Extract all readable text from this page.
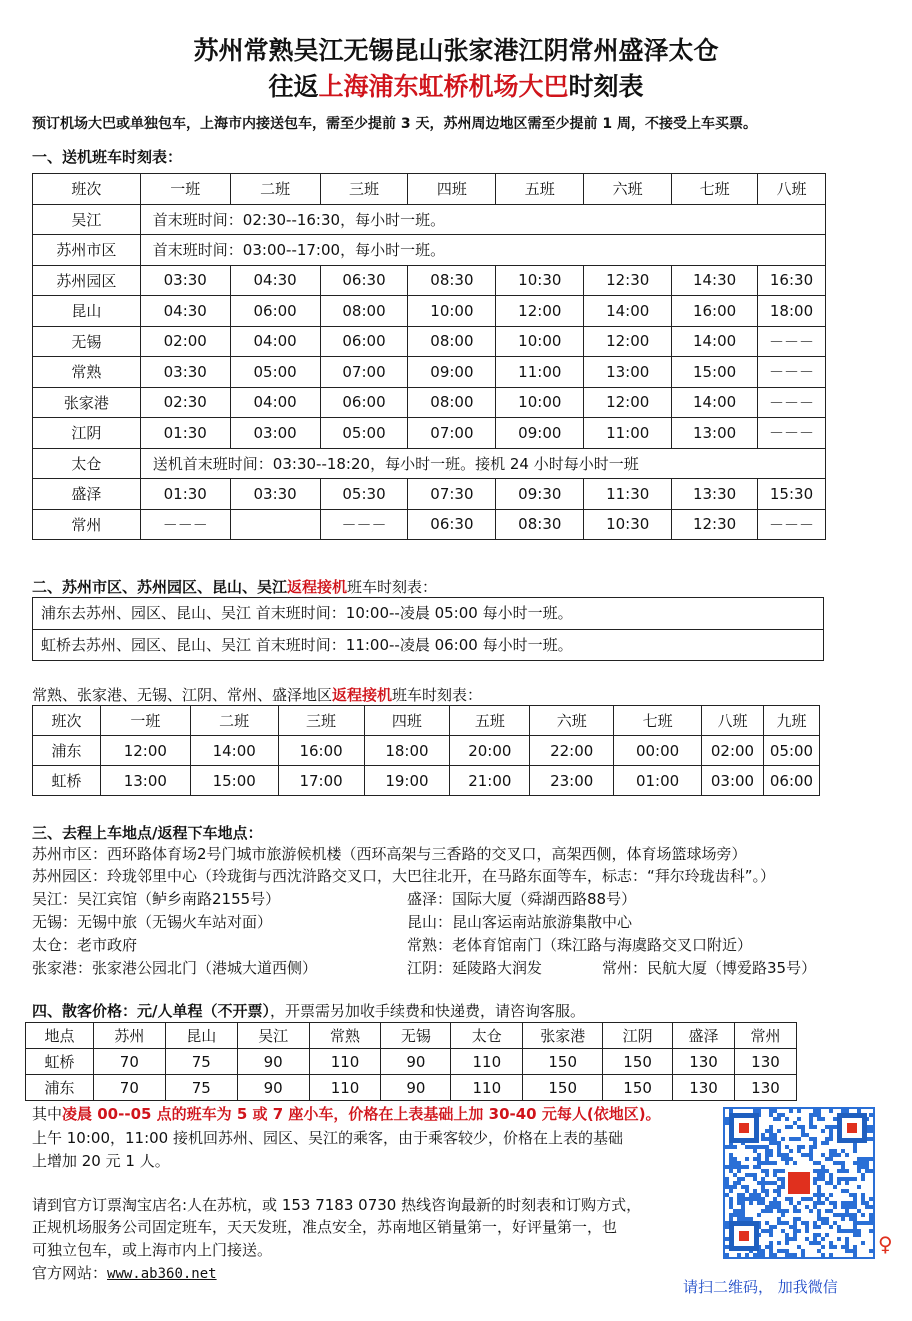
苏州常熟吴江无锡昆山张家港江阴常州盛泽太仓
往返上海浦东虹桥机场大巴时刻表
预订机场大巴或单独包车，上海市内接送包车，需至少提前 3 天，苏州周边地区需至少提前 1 周，不接受上车买票。
一、送机班车时刻表：
班次	一班	二班	三班	四班	五班	六班	七班	八班
吴江	首末班时间：02:30--16:30，每小时一班。							
苏州市区	首末班时间：03:00--17:00，每小时一班。							
苏州园区	03:30	04:30	06:30	08:30	10:30	12:30	14:30	16:30
昆山	04:30	06:00	08:00	10:00	12:00	14:00	16:00	18:00
无锡	02:00	04:00	06:00	08:00	10:00	12:00	14:00	－－－
常熟	03:30	05:00	07:00	09:00	11:00	13:00	15:00	－－－
张家港	02:30	04:00	06:00	08:00	10:00	12:00	14:00	－－－
江阴	01:30	03:00	05:00	07:00	09:00	11:00	13:00	－－－
太仓	送机首末班时间：03:30--18:20，每小时一班。接机 24 小时每小时一班							
盛泽	01:30	03:30	05:30	07:30	09:30	11:30	13:30	15:30
常州	－－－		－－－	06:30	08:30	10:30	12:30	－－－
二、苏州市区、苏州园区、昆山、吴江返程接机班车时刻表：
浦东去苏州、园区、昆山、吴江 首末班时间：10:00--凌晨 05:00 每小时一班。
虹桥去苏州、园区、昆山、吴江 首末班时间：11:00--凌晨 06:00 每小时一班。
常熟、张家港、无锡、江阴、常州、盛泽地区返程接机班车时刻表：
班次	一班	二班	三班	四班	五班	六班	七班	八班	九班
浦东	12:00	14:00	16:00	18:00	20:00	22:00	00:00	02:00	05:00
虹桥	13:00	15:00	17:00	19:00	21:00	23:00	01:00	03:00	06:00
三、去程上车地点/返程下车地点：
苏州市区：西环路体育场2号门城市旅游候机楼（西环高架与三香路的交叉口，高架西侧，体育场篮球场旁）
苏州园区：玲珑邻里中心（玲珑街与西沈浒路交叉口，大巴往北开，在马路东面等车，标志：“拜尔玲珑齿科”。）
吴江：吴江宾馆（鲈乡南路2155号）	盛泽：国际大厦（舜湖西路88号）
无锡：无锡中旅（无锡火车站对面）	昆山：昆山客运南站旅游集散中心
太仓：老市政府	常熟：老体育馆南门（珠江路与海虞路交叉口附近）
张家港：张家港公园北门（港城大道西侧）	江阴：延陵路大润发	常州：民航大厦（博爱路35号）
四、散客价格：元/人单程（不开票），开票需另加收手续费和快递费，请咨询客服。
地点	苏州	昆山	吴江	常熟	无锡	太仓	张家港	江阴	盛泽	常州
虹桥	70	75	90	110	90	110	150	150	130	130
浦东	70	75	90	110	90	110	150	150	130	130
其中凌晨 00--05 点的班车为 5 或 7 座小车，价格在上表基础上加 30-40 元每人(依地区)。
上午 10:00，11:00 接机回苏州、园区、吴江的乘客，由于乘客较少，价格在上表的基础
上增加 20 元 1 人。
请到官方订票淘宝店名:人在苏杭，或 153 7183 0730 热线咨询最新的时刻表和订购方式，
正规机场服务公司固定班车，天天发班，准点安全，苏南地区销量第一，好评量第一，也
可独立包车，或上海市内上门接送。
官方网站：www.ab360.net
♀
请扫二维码， 加我微信
